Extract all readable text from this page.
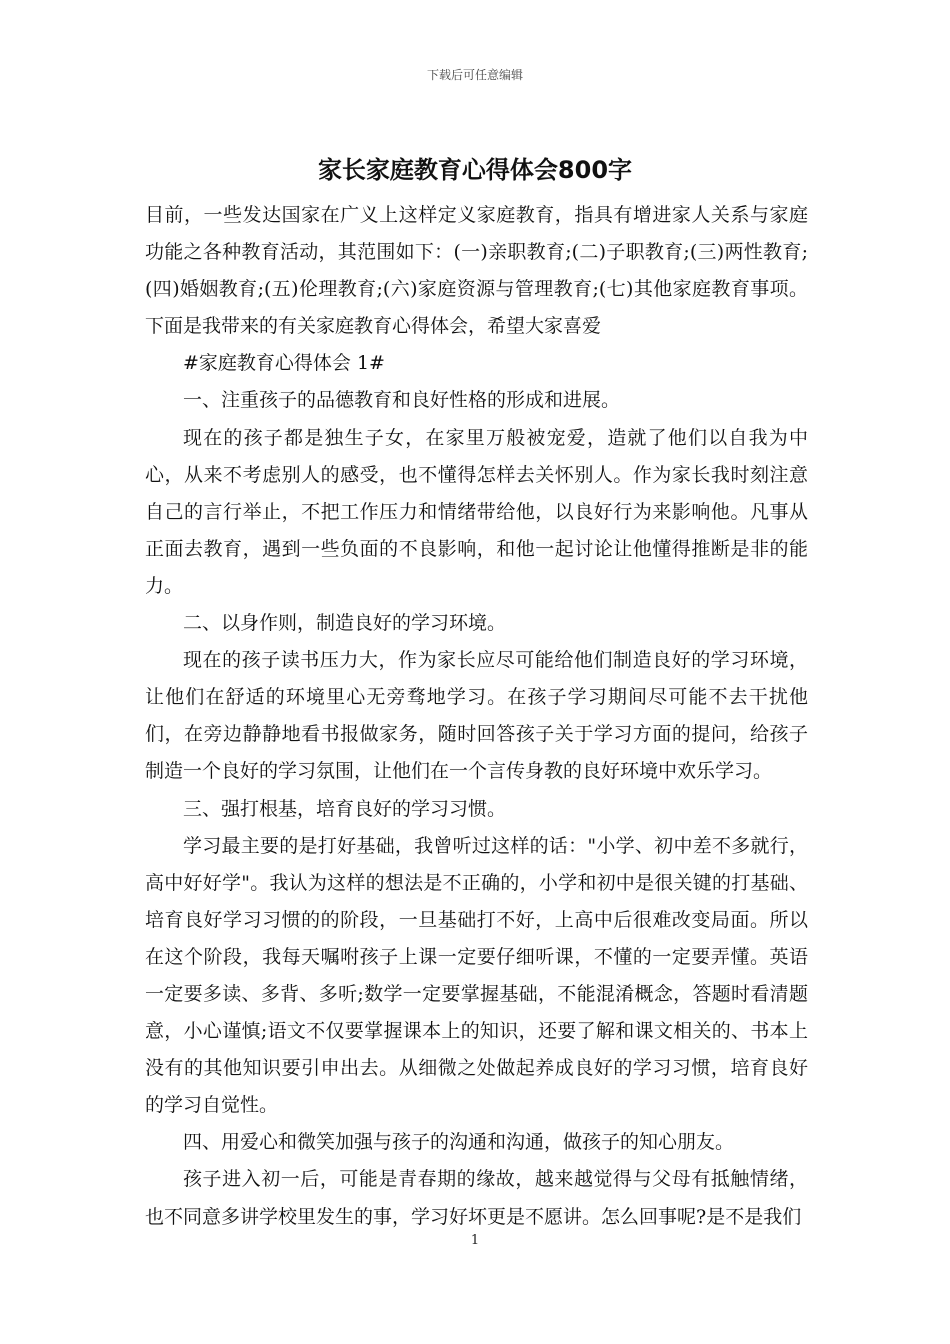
下载后可任意编辑
家长家庭教育心得体会800字

目前，一些发达国家在广义上这样定义家庭教育，指具有增进家人关系与家庭功能之各种教育活动，其范围如下：(一)亲职教育;(二)子职教育;(三)两性教育;(四)婚姻教育;(五)伦理教育;(六)家庭资源与管理教育;(七)其他家庭教育事项。下面是我带来的有关家庭教育心得体会，希望大家喜爱

#家庭教育心得体会 1#

一、注重孩子的品德教育和良好性格的形成和进展。

现在的孩子都是独生子女，在家里万般被宠爱，造就了他们以自我为中心，从来不考虑别人的感受，也不懂得怎样去关怀别人。作为家长我时刻注意自己的言行举止，不把工作压力和情绪带给他，以良好行为来影响他。凡事从正面去教育，遇到一些负面的不良影响，和他一起讨论让他懂得推断是非的能力。

二、以身作则，制造良好的学习环境。

现在的孩子读书压力大，作为家长应尽可能给他们制造良好的学习环境，让他们在舒适的环境里心无旁骛地学习。在孩子学习期间尽可能不去干扰他们，在旁边静静地看书报做家务，随时回答孩子关于学习方面的提问，给孩子制造一个良好的学习氛围，让他们在一个言传身教的良好环境中欢乐学习。

三、强打根基，培育良好的学习习惯。

学习最主要的是打好基础，我曾听过这样的话："小学、初中差不多就行，高中好好学"。我认为这样的想法是不正确的，小学和初中是很关键的打基础、培育良好学习习惯的的阶段，一旦基础打不好，上高中后很难改变局面。所以在这个阶段，我每天嘱咐孩子上课一定要仔细听课，不懂的一定要弄懂。英语一定要多读、多背、多听;数学一定要掌握基础，不能混淆概念，答题时看清题意，小心谨慎;语文不仅要掌握课本上的知识，还要了解和课文相关的、书本上没有的其他知识要引申出去。从细微之处做起养成良好的学习习惯，培育良好的学习自觉性。

四、用爱心和微笑加强与孩子的沟通和沟通，做孩子的知心朋友。

孩子进入初一后，可能是青春期的缘故，越来越觉得与父母有抵触情绪，也不同意多讲学校里发生的事，学习好坏更是不愿讲。怎么回事呢?是不是我们

1
